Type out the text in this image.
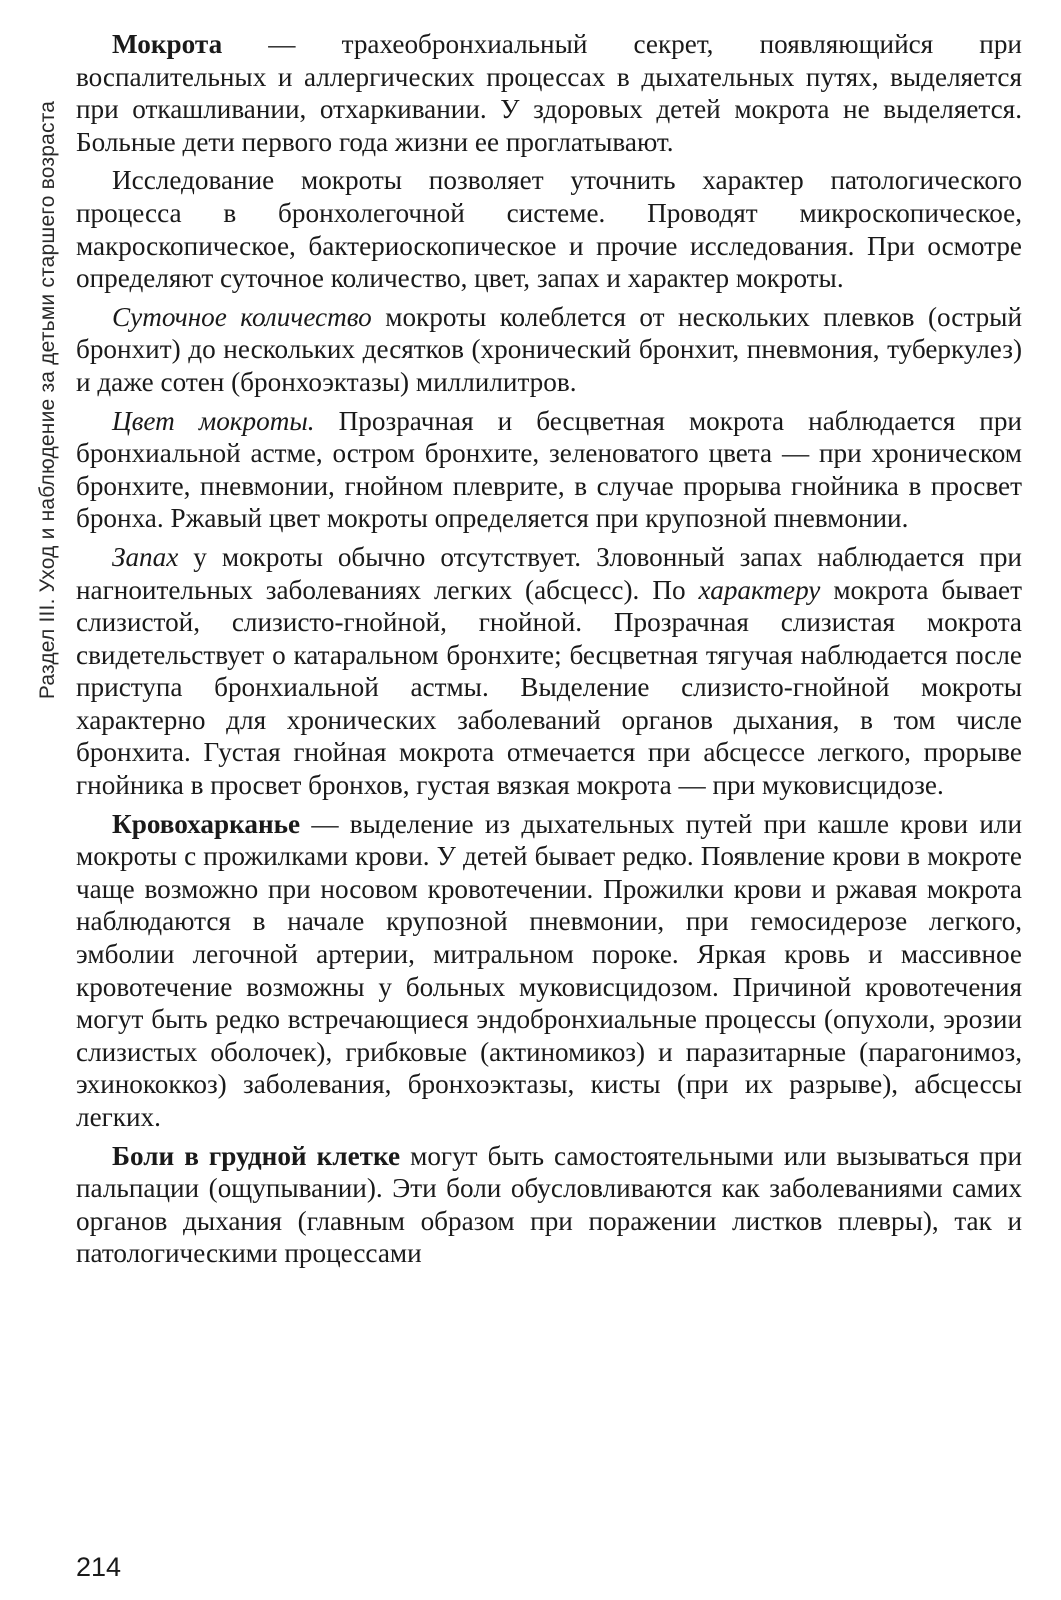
Раздел III. Уход и наблюдение за детьми старшего возраста

Мокрота — трахеобронхиальный секрет, появляющийся при воспалительных и аллергических процессах в дыхательных путях, выделяется при откашливании, отхаркивании. У здоровых детей мокрота не выделяется. Больные дети первого года жизни ее проглатывают.

Исследование мокроты позволяет уточнить характер патологического процесса в бронхолегочной системе. Проводят микроскопическое, макроскопическое, бактериоскопическое и прочие исследования. При осмотре определяют суточное количество, цвет, запах и характер мокроты.

Суточное количество мокроты колеблется от нескольких плевков (острый бронхит) до нескольких десятков (хронический бронхит, пневмония, туберкулез) и даже сотен (бронхоэктазы) миллилитров.

Цвет мокроты. Прозрачная и бесцветная мокрота наблюдается при бронхиальной астме, остром бронхите, зеленоватого цвета — при хроническом бронхите, пневмонии, гнойном плеврите, в случае прорыва гнойника в просвет бронха. Ржавый цвет мокроты определяется при крупозной пневмонии.

Запах у мокроты обычно отсутствует. Зловонный запах наблюдается при нагноительных заболеваниях легких (абсцесс). По характеру мокрота бывает слизистой, слизисто-гнойной, гнойной. Прозрачная слизистая мокрота свидетельствует о катаральном бронхите; бесцветная тягучая наблюдается после приступа бронхиальной астмы. Выделение слизисто-гнойной мокроты характерно для хронических заболеваний органов дыхания, в том числе бронхита. Густая гнойная мокрота отмечается при абсцессе легкого, прорыве гнойника в просвет бронхов, густая вязкая мокрота — при муковисцидозе.

Кровохарканье — выделение из дыхательных путей при кашле крови или мокроты с прожилками крови. У детей бывает редко. Появление крови в мокроте чаще возможно при носовом кровотечении. Прожилки крови и ржавая мокрота наблюдаются в начале крупозной пневмонии, при гемосидерозе легкого, эмболии легочной артерии, митральном пороке. Яркая кровь и массивное кровотечение возможны у больных муковисцидозом. Причиной кровотечения могут быть редко встречающиеся эндобронхиальные процессы (опухоли, эрозии слизистых оболочек), грибковые (актиномикоз) и паразитарные (парагонимоз, эхинококкоз) заболевания, бронхоэктазы, кисты (при их разрыве), абсцессы легких.

Боли в грудной клетке могут быть самостоятельными или вызываться при пальпации (ощупывании). Эти боли обусловливаются как заболеваниями самих органов дыхания (главным образом при поражении листков плевры), так и патологическими процессами

214
